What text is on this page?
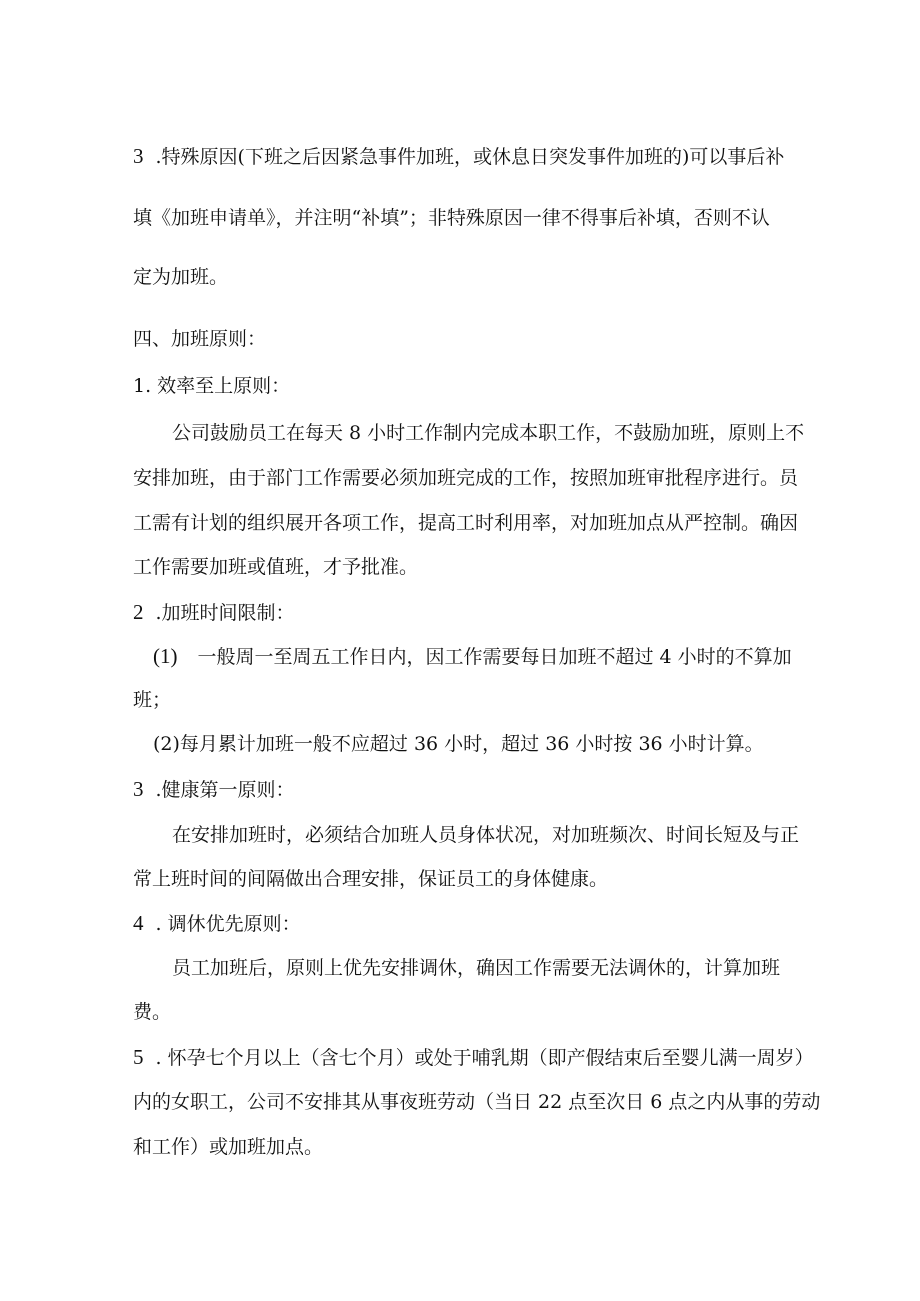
3 .特殊原因(下班之后因紧急事件加班，或休息日突发事件加班的)可以事后补
填《加班申请单》，并注明“补填”；非特殊原因一律不得事后补填，否则不认
定为加班。
四、加班原则：
1. 效率至上原则：
公司鼓励员工在每天 8 小时工作制内完成本职工作，不鼓励加班，原则上不
安排加班，由于部门工作需要必须加班完成的工作，按照加班审批程序进行。员
工需有计划的组织展开各项工作，提高工时利用率，对加班加点从严控制。确因
工作需要加班或值班，才予批准。
2 .加班时间限制：
(1) 一般周一至周五工作日内，因工作需要每日加班不超过 4 小时的不算加
班；
(2)每月累计加班一般不应超过 36 小时，超过 36 小时按 36 小时计算。
3 .健康第一原则：
在安排加班时，必须结合加班人员身体状况，对加班频次、时间长短及与正
常上班时间的间隔做出合理安排，保证员工的身体健康。
4 . 调休优先原则：
员工加班后，原则上优先安排调休，确因工作需要无法调休的，计算加班
费。
5 . 怀孕七个月以上（含七个月）或处于哺乳期（即产假结束后至婴儿满一周岁）
内的女职工，公司不安排其从事夜班劳动（当日 22 点至次日 6 点之内从事的劳动
和工作）或加班加点。
